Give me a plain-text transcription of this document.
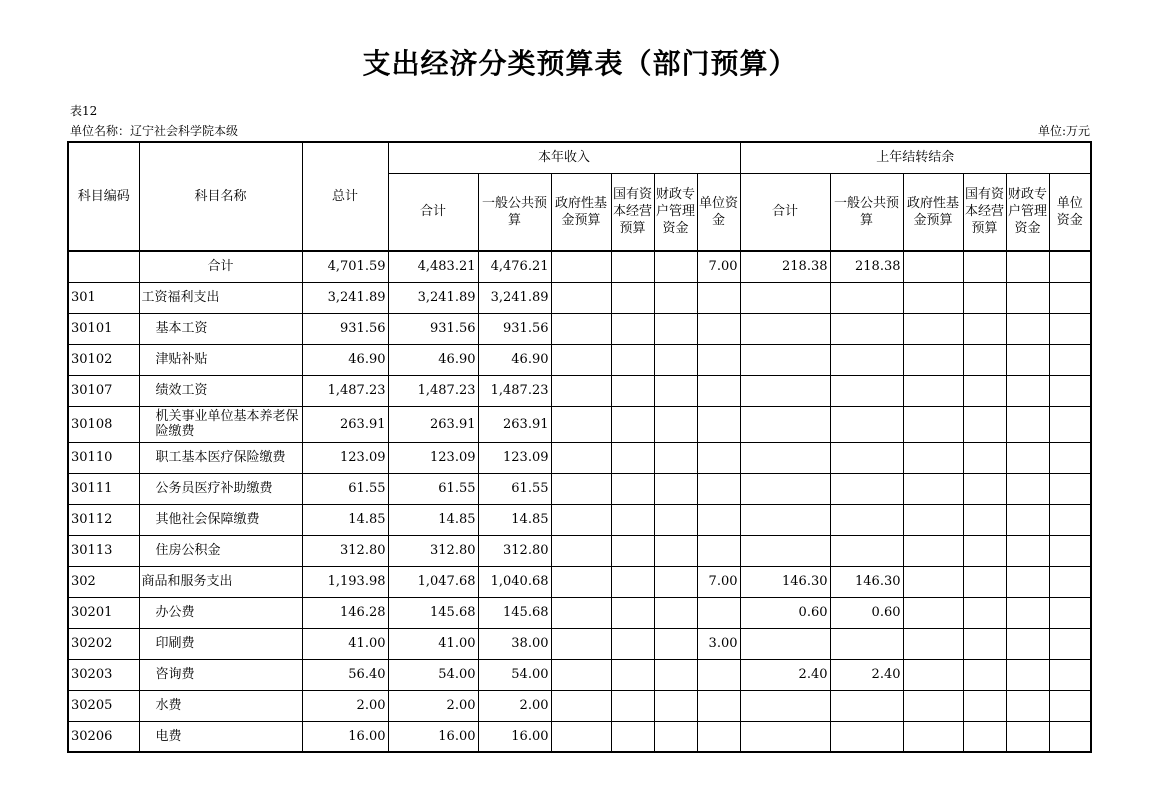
支出经济分类预算表（部门预算）
表12
单位名称：辽宁社会科学院本级	单位:万元
科目编码	科目名称	总计	本年收入						上年结转结余					
			合计	一般公共预算	政府性基金预算	国有资本经营预算	财政专户管理资金	单位资金	合计	一般公共预算	政府性基金预算	国有资本经营预算	财政专户管理资金	单位资金
	合计	4,701.59	4,483.21	4,476.21				7.00	218.38	218.38				
301	工资福利支出	3,241.89	3,241.89	3,241.89										
30101	基本工资	931.56	931.56	931.56										
30102	津贴补贴	46.90	46.90	46.90										
30107	绩效工资	1,487.23	1,487.23	1,487.23										
30108	机关事业单位基本养老保险缴费	263.91	263.91	263.91										
30110	职工基本医疗保险缴费	123.09	123.09	123.09										
30111	公务员医疗补助缴费	61.55	61.55	61.55										
30112	其他社会保障缴费	14.85	14.85	14.85										
30113	住房公积金	312.80	312.80	312.80										
302	商品和服务支出	1,193.98	1,047.68	1,040.68				7.00	146.30	146.30				
30201	办公费	146.28	145.68	145.68					0.60	0.60				
30202	印刷费	41.00	41.00	38.00				3.00						
30203	咨询费	56.40	54.00	54.00					2.40	2.40				
30205	水费	2.00	2.00	2.00										
30206	电费	16.00	16.00	16.00										
